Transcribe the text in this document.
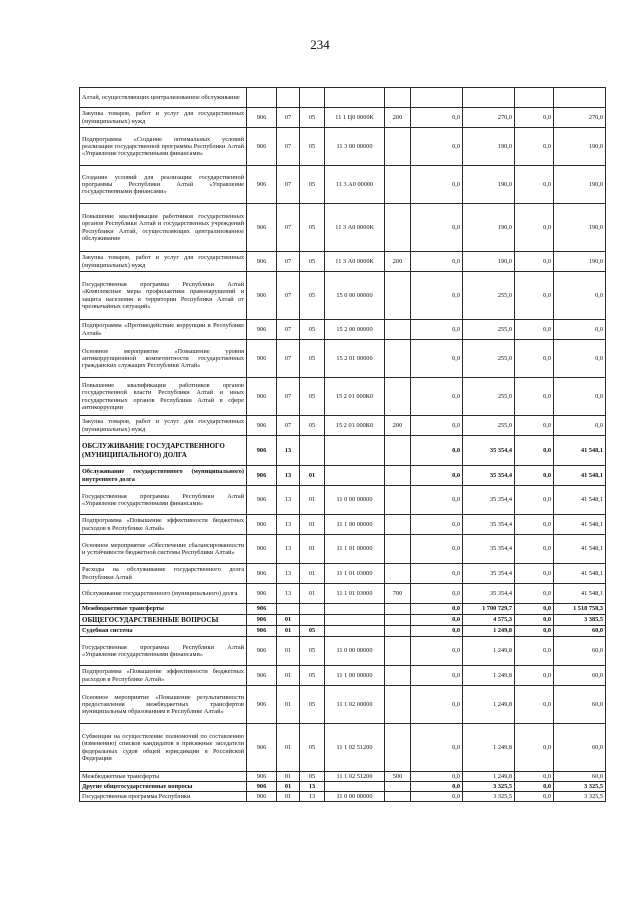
234
Алтай, осуществляющих централизованное обслуживание									
Закупка товаров, работ и услуг для государственных (муниципальных) нужд	906	07	05	11 1 Ц0 0000К	200	0,0	270,0	0,0	270,0
Подпрограмма «Создание оптимальных условий реализации государственной программы Республики Алтай «Управление государственными финансами»	906	07	05	11 3 00 00000		0,0	190,0	0,0	190,0
Создание условий для реализации государственной программы Республики Алтай «Управление государственными финансами»	906	07	05	11 3 А0 00000		0,0	190,0	0,0	190,0
Повышение квалификации работников государственных органов Республики Алтай и государственных учреждений Республики Алтай, осуществляющих централизованное обслуживание	906	07	05	11 3 А0 0000К		0,0	190,0	0,0	190,0
Закупка товаров, работ и услуг для государственных (муниципальных) нужд	906	07	05	11 3 А0 0000К	200	0,0	190,0	0,0	190,0
Государственная программа Республики Алтай «Комплексные меры профилактики правонарушений и защита населения и территории Республики Алтай от чрезвычайных ситуаций»	906	07	05	15 0 00 00000		0,0	255,0	0,0	0,0
Подпрограмма «Противодействие коррупции в Республике Алтай»	906	07	05	15 2 00 00000		0,0	255,0	0,0	0,0
Основное мероприятие «Повышение уровня антикоррупционной компетентности государственных гражданских служащих Республики Алтай»	906	07	05	15 2 01 00000		0,0	255,0	0,0	0,0
Повышение квалификации работников органов государственной власти Республики Алтай и иных государственных органов Республики Алтай в сфере антикоррупции	906	07	05	15 2 01 000К0		0,0	255,0	0,0	0,0
Закупка товаров, работ и услуг для государственных (муниципальных) нужд	906	07	05	15 2 01 000К0	200	0,0	255,0	0,0	0,0
ОБСЛУЖИВАНИЕ ГОСУДАРСТВЕННОГО (МУНИЦИПАЛЬНОГО) ДОЛГА	906	13				0,0	35 354,4	0,0	41 548,1
Обслуживание государственного (муниципального) внутреннего долга	906	13	01			0,0	35 354,4	0,0	41 548,1
Государственная программа Республики Алтай «Управление государственными финансами»	906	13	01	11 0 00 00000		0,0	35 354,4	0,0	41 548,1
Подпрограмма «Повышение эффективности бюджетных расходов в Республике Алтай»	906	13	01	11 1 00 00000		0,0	35 354,4	0,0	41 548,1
Основное мероприятие «Обеспечение сбалансированности и устойчивости бюджетной системы Республики Алтай»	906	13	01	11 1 01 00000		0,0	35 354,4	0,0	41 548,1
Расходы на обслуживание государственного долга Республики Алтай	906	13	01	11 1 01 03000		0,0	35 354,4	0,0	41 548,1
Обслуживание государственного (муниципального) долга	906	13	01	11 1 01 03000	700	0,0	35 354,4	0,0	41 548,1
Межбюджетные трансферты	906					0,0	1 700 729,7	0,0	1 518 758,3
ОБЩЕГОСУДАРСТВЕННЫЕ ВОПРОСЫ	906	01				0,0	4 575,3	0,0	3 385,5
Судебная система	906	01	05			0,0	1 249,8	0,0	60,0
Государственная программа Республики Алтай «Управление государственными финансами»	906	01	05	11 0 00 00000		0,0	1 249,8	0,0	60,0
Подпрограмма «Повышение эффективности бюджетных расходов в Республике Алтай»	906	01	05	11 1 00 00000		0,0	1 249,8	0,0	60,0
Основное мероприятие «Повышение результативности предоставления межбюджетных трансфертов муниципальным образованиям в Республике Алтай»	906	01	05	11 1 02 00000		0,0	1 249,8	0,0	60,0
Субвенции на осуществление полномочий по составлению (изменению) списков кандидатов в присяжные заседатели федеральных судов общей юрисдикции в Российской Федерации	906	01	05	11 1 02 51200		0,0	1 249,8	0,0	60,0
Межбюджетные трансферты	906	01	05	11 1 02 51200	500	0,0	1 249,8	0,0	60,0
Другие общегосударственные вопросы	906	01	13			0,0	3 325,5	0,0	3 325,5
Государственная программа Республики	906	01	13	11 0 00 00000		0,0	3 325,5	0,0	3 325,5
